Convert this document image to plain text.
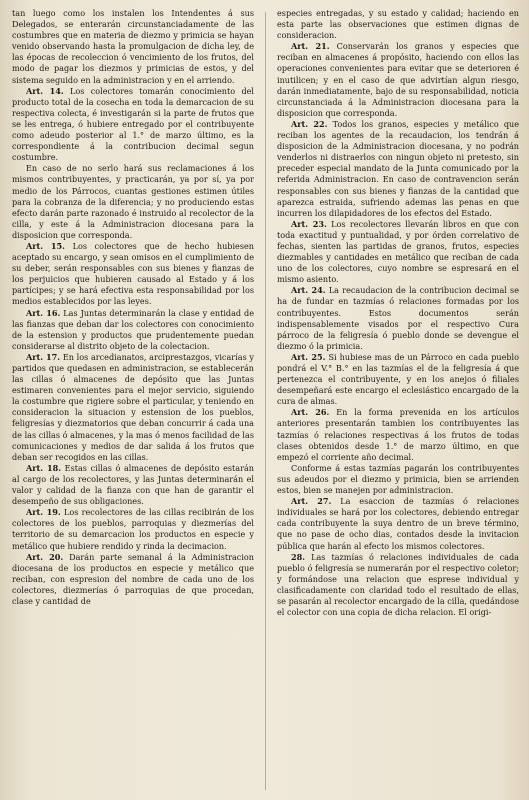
tan luego como los instalen los Intendentes á sus Delegados, se enterarán circunstanciadamente de las costumbres que en materia de diezmo y primicia se hayan venido observando hasta la promulgacion de dicha ley, de las épocas de recoleccion ó vencimiento de los frutos, del modo de pagar los diezmos y primicias de estos, y del sistema seguido en la administracion y en el arriendo.

Art. 14. Los colectores tomarán conocimiento del producto total de la cosecha en toda la demarcacion de su respectiva colecta, é investigarán si la parte de frutos que se les entrega, ó hubiere entregado por el contribuyente como adeudo posterior al 1.° de marzo último, es la correspondiente á la contribucion decimal segun costumbre.

En caso de no serlo hará sus reclamaciones á los mismos contribuyentes, y practicarán, ya por sí, ya por medio de los Párrocos, cuantas gestiones estimen útiles para la cobranza de la diferencia; y no produciendo estas efecto darán parte razonado é instruido al recolector de la cilla, y este á la Administracion diocesana para la disposicion que corresponda.

Art. 15. Los colectores que de hecho hubiesen aceptado su encargo, y sean omisos en el cumplimiento de su deber, serán responsables con sus bienes y fianzas de los perjuicios que hubieren causado al Estado y á los partícipes; y se hará efectiva esta responsabilidad por los medios establecidos por las leyes.

Art. 16. Las Juntas determinarán la clase y entidad de las fianzas que deban dar los colectores con conocimiento de la estension y productos que prudentemente puedan considerarse al distrito objeto de la colectacion.

Art. 17. En los arcedianatos, arciprestazgos, vicarías y partidos que quedasen en administracion, se establecerán las cillas ó almacenes de depósito que las Juntas estimaren convenientes para el mejor servicio, siguiendo la costumbre que rigiere sobre el particular, y teniendo en consideracion la situacion y estension de los pueblos, feligresías y diezmatorios que deban concurrir á cada una de las cillas ó almacenes, y la mas ó menos facilidad de las comunicaciones y medios de dar salida á los frutos que deban ser recogidos en las cillas.

Art. 18. Estas cillas ó almacenes de depósito estarán al cargo de los recolectores, y las Juntas determinarán el valor y calidad de la fianza con que han de garantir el desempeño de sus obligaciones.

Art. 19. Los recolectores de las cillas recibirán de los colectores de los pueblos, parroquias y diezmerías del territorio de su demarcacion los productos en especie y metálico que hubiere rendido y rinda la decimacion.

Art. 20. Darán parte semanal á la Administracion diocesana de los productos en especie y metálico que reciban, con espresion del nombre de cada uno de los colectores, diezmerías ó parroquias de que procedan, clase y cantidad de

especies entregadas, y su estado y calidad; haciendo en esta parte las observaciones que estimen dignas de consideracion.

Art. 21. Conservarán los granos y especies que reciban en almacenes á propósito, haciendo con ellos las operaciones convenientes para evitar que se deterioren é inutilicen; y en el caso de que advirtían algun riesgo, darán inmediatamente, bajo de su responsabilidad, noticia circunstanciada á la Administracion diocesana para la disposicion que corresponda.

Art. 22. Todos los granos, especies y metálico que reciban los agentes de la recaudacion, los tendrán á disposicion de la Administracion diocesana, y no podrán venderlos ni distraerlos con ningun objeto ni pretesto, sin preceder especial mandato de la Junta comunicado por la referida Administracion. En caso de contravencion serán responsables con sus bienes y fianzas de la cantidad que aparezca estraida, sufriendo ademas las penas en que incurren los dilapidadores de los efectos del Estado.

Art. 23. Los recolectores llevarán libros en que con toda exactitud y puntualidad, y por órden correlativo de fechas, sienten las partidas de granos, frutos, especies diezmables y cantidades en metálico que reciban de cada uno de los colectores, cuyo nombre se espresará en el mismo asiento.

Art. 24. La recaudacion de la contribucion decimal se ha de fundar en tazmías ó relaciones formadas por los contribuyentes. Estos documentos serán indispensablemente visados por el respectivo Cura párroco de la feligresía ó pueblo donde se devengue el diezmo ó la primicia.

Art. 25. Si hubiese mas de un Párroco en cada pueblo pondrá el V.° B.° en las tazmías el de la feligresía á que pertenezca el contribuyente, y en los anejos ó filiales desempeñará este encargo el eclesiástico encargado de la cura de almas.

Art. 26. En la forma prevenida en los artículos anteriores presentarán tambien los contribuyentes las tazmías ó relaciones respectivas á los frutos de todas clases obtenidos desde 1.° de marzo último, en que empezó el corriente año decimal.

Conforme á estas tazmías pagarán los contribuyentes sus adeudos por el diezmo y primicia, bien se arrienden estos, bien se manejen por administracion.

Art. 27. La esaccion de tazmías ó relaciones individuales se hará por los colectores, debiendo entregar cada contribuyente la suya dentro de un breve término, que no pase de ocho dias, contados desde la invitacion pública que harán al efecto los mismos colectores.

28. Las tazmías ó relaciones individuales de cada pueblo ó feligresía se numerarán por el respectivo coletor; y formándose una relacion que esprese individual y clasificadamente con claridad todo el resultado de ellas, se pasarán al recolector encargado de la cilla, quedándose el colector con una copia de dicha relacion. El origi-
